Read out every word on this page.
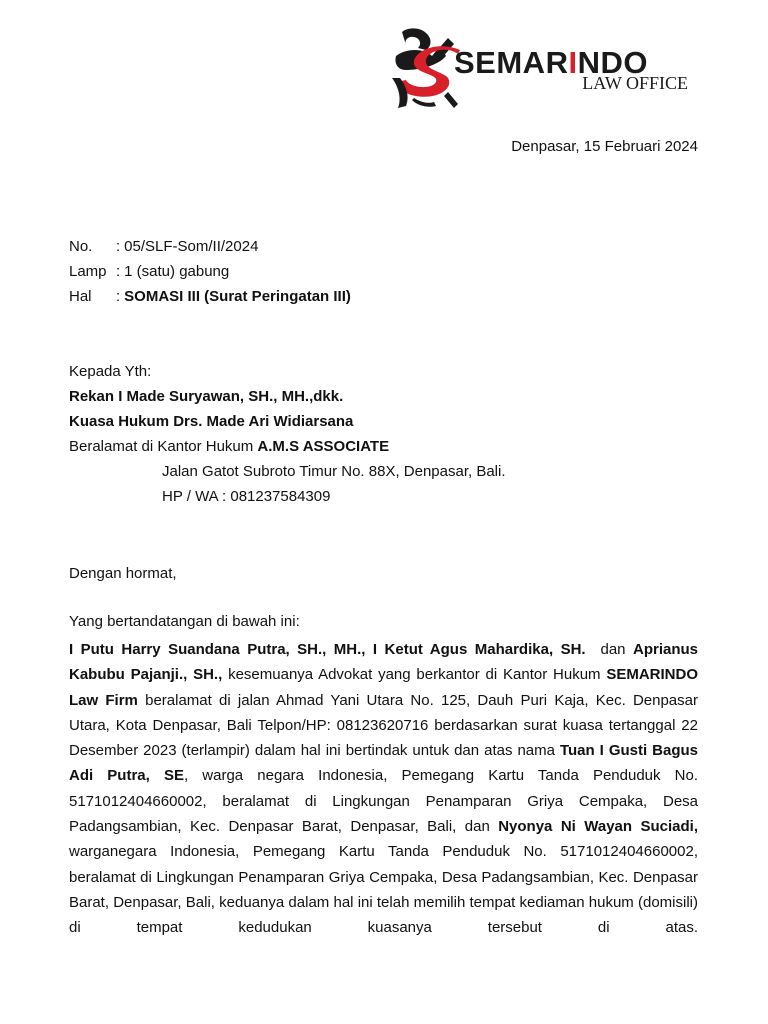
SEMARINDO
LAW OFFICE
Denpasar, 15 Februari 2024
No. : 05/SLF-Som/II/2024
Lamp : 1 (satu) gabung
Hal : SOMASI III (Surat Peringatan III)
Kepada Yth:
Rekan I Made Suryawan, SH., MH.,dkk.
Kuasa Hukum Drs. Made Ari Widiarsana
Beralamat di Kantor Hukum A.M.S ASSOCIATE
Jalan Gatot Subroto Timur No. 88X, Denpasar, Bali.
HP / WA : 081237584309
Dengan hormat,
Yang bertandatangan di bawah ini:
I Putu Harry Suandana Putra, SH., MH., I Ketut Agus Mahardika, SH.  dan Aprianus Kabubu Pajanji., SH., kesemuanya Advokat yang berkantor di Kantor Hukum SEMARINDO Law Firm beralamat di jalan Ahmad Yani Utara No. 125, Dauh Puri Kaja, Kec. Denpasar Utara, Kota Denpasar, Bali Telpon/HP: 08123620716 berdasarkan surat kuasa tertanggal 22 Desember 2023 (terlampir) dalam hal ini bertindak untuk dan atas nama Tuan I Gusti Bagus Adi Putra, SE, warga negara Indonesia, Pemegang Kartu Tanda Penduduk No. 5171012404660002, beralamat di Lingkungan Penamparan Griya Cempaka, Desa Padangsambian, Kec. Denpasar Barat, Denpasar, Bali, dan Nyonya Ni Wayan Suciadi, warganegara Indonesia, Pemegang Kartu Tanda Penduduk No. 5171012404660002, beralamat di Lingkungan Penamparan Griya Cempaka, Desa Padangsambian, Kec. Denpasar Barat, Denpasar, Bali, keduanya dalam hal ini telah memilih tempat kediaman hukum (domisili) di tempat kedudukan kuasanya tersebut di atas.
